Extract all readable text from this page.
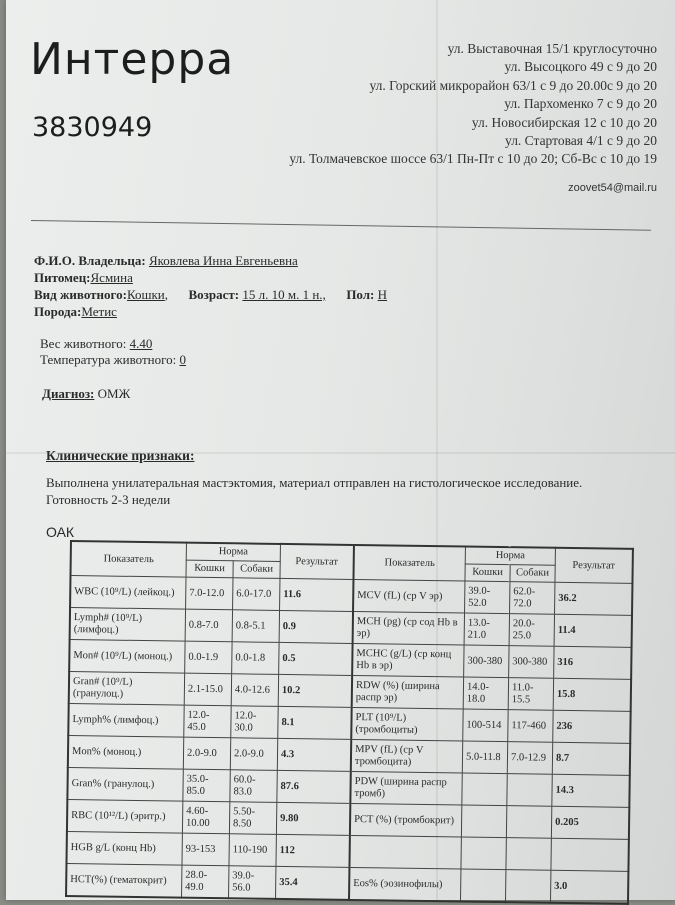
Интерра
3830949
ул. Выставочная 15/1 круглосуточно
ул. Высоцкого 49 с 9 до 20
ул. Горский микрорайон 63/1 с 9 до 20.00с 9 до 20
ул. Пархоменко 7 с 9 до 20
ул. Новосибирская 12 с 10 до 20
ул. Стартовая 4/1 с 9 до 20
ул. Толмачевское шоссе 63/1 Пн-Пт с 10 до 20; Сб-Вс с 10 до 19
zoovet54@mail.ru
Ф.И.О. Владельца: Яковлева Инна Евгеньевна
Питомец:Ясмина
Вид животного:Кошки, Возраст: 15 л. 10 м. 1 н., Пол: Н
Порода:Метис
Вес животного: 4.40
Температура животного: 0
Диагноз: ОМЖ
Клинические признаки:
Выполнена унилатеральная мастэктомия, материал отправлен на гистологическое исследование. Готовность 2-3 недели
ОАК
Показатель	Норма		Результат	Показатель	Норма		Результат
	Кошки	Собаки			Кошки	Собаки	
WBC (10⁹/L) (лейкоц.)	7.0-12.0	6.0-17.0	11.6	MCV (fL) (ср V эр)	39.0-52.0	62.0-72.0	36.2
Lymph# (10⁹/L) (лимфоц.)	0.8-7.0	0.8-5.1	0.9	MCH (pg) (ср сод Hb в эр)	13.0-21.0	20.0-25.0	11.4
Mon# (10⁹/L) (моноц.)	0.0-1.9	0.0-1.8	0.5	MCHC (g/L) (ср конц Hb в эр)	300-380	300-380	316
Gran# (10⁹/L) (гранулоц.)	2.1-15.0	4.0-12.6	10.2	RDW (%) (ширина распр эр)	14.0-18.0	11.0-15.5	15.8
Lymph% (лимфоц.)	12.0-45.0	12.0-30.0	8.1	PLT (10⁹/L) (тромбоциты)	100-514	117-460	236
Mon% (моноц.)	2.0-9.0	2.0-9.0	4.3	MPV (fL) (ср V тромбоцита)	5.0-11.8	7.0-12.9	8.7
Gran% (гранулоц.)	35.0-85.0	60.0-83.0	87.6	PDW (ширина распр тромб)			14.3
RBC (10¹²/L) (эритр.)	4.60-10.00	5.50-8.50	9.80	PCT (%) (тромбокрит)			0.205
HGB g/L (конц Hb)	93-153	110-190	112				
HCT(%) (гематокрит)	28.0-49.0	39.0-56.0	35.4	Eos% (эозинофилы)			3.0
